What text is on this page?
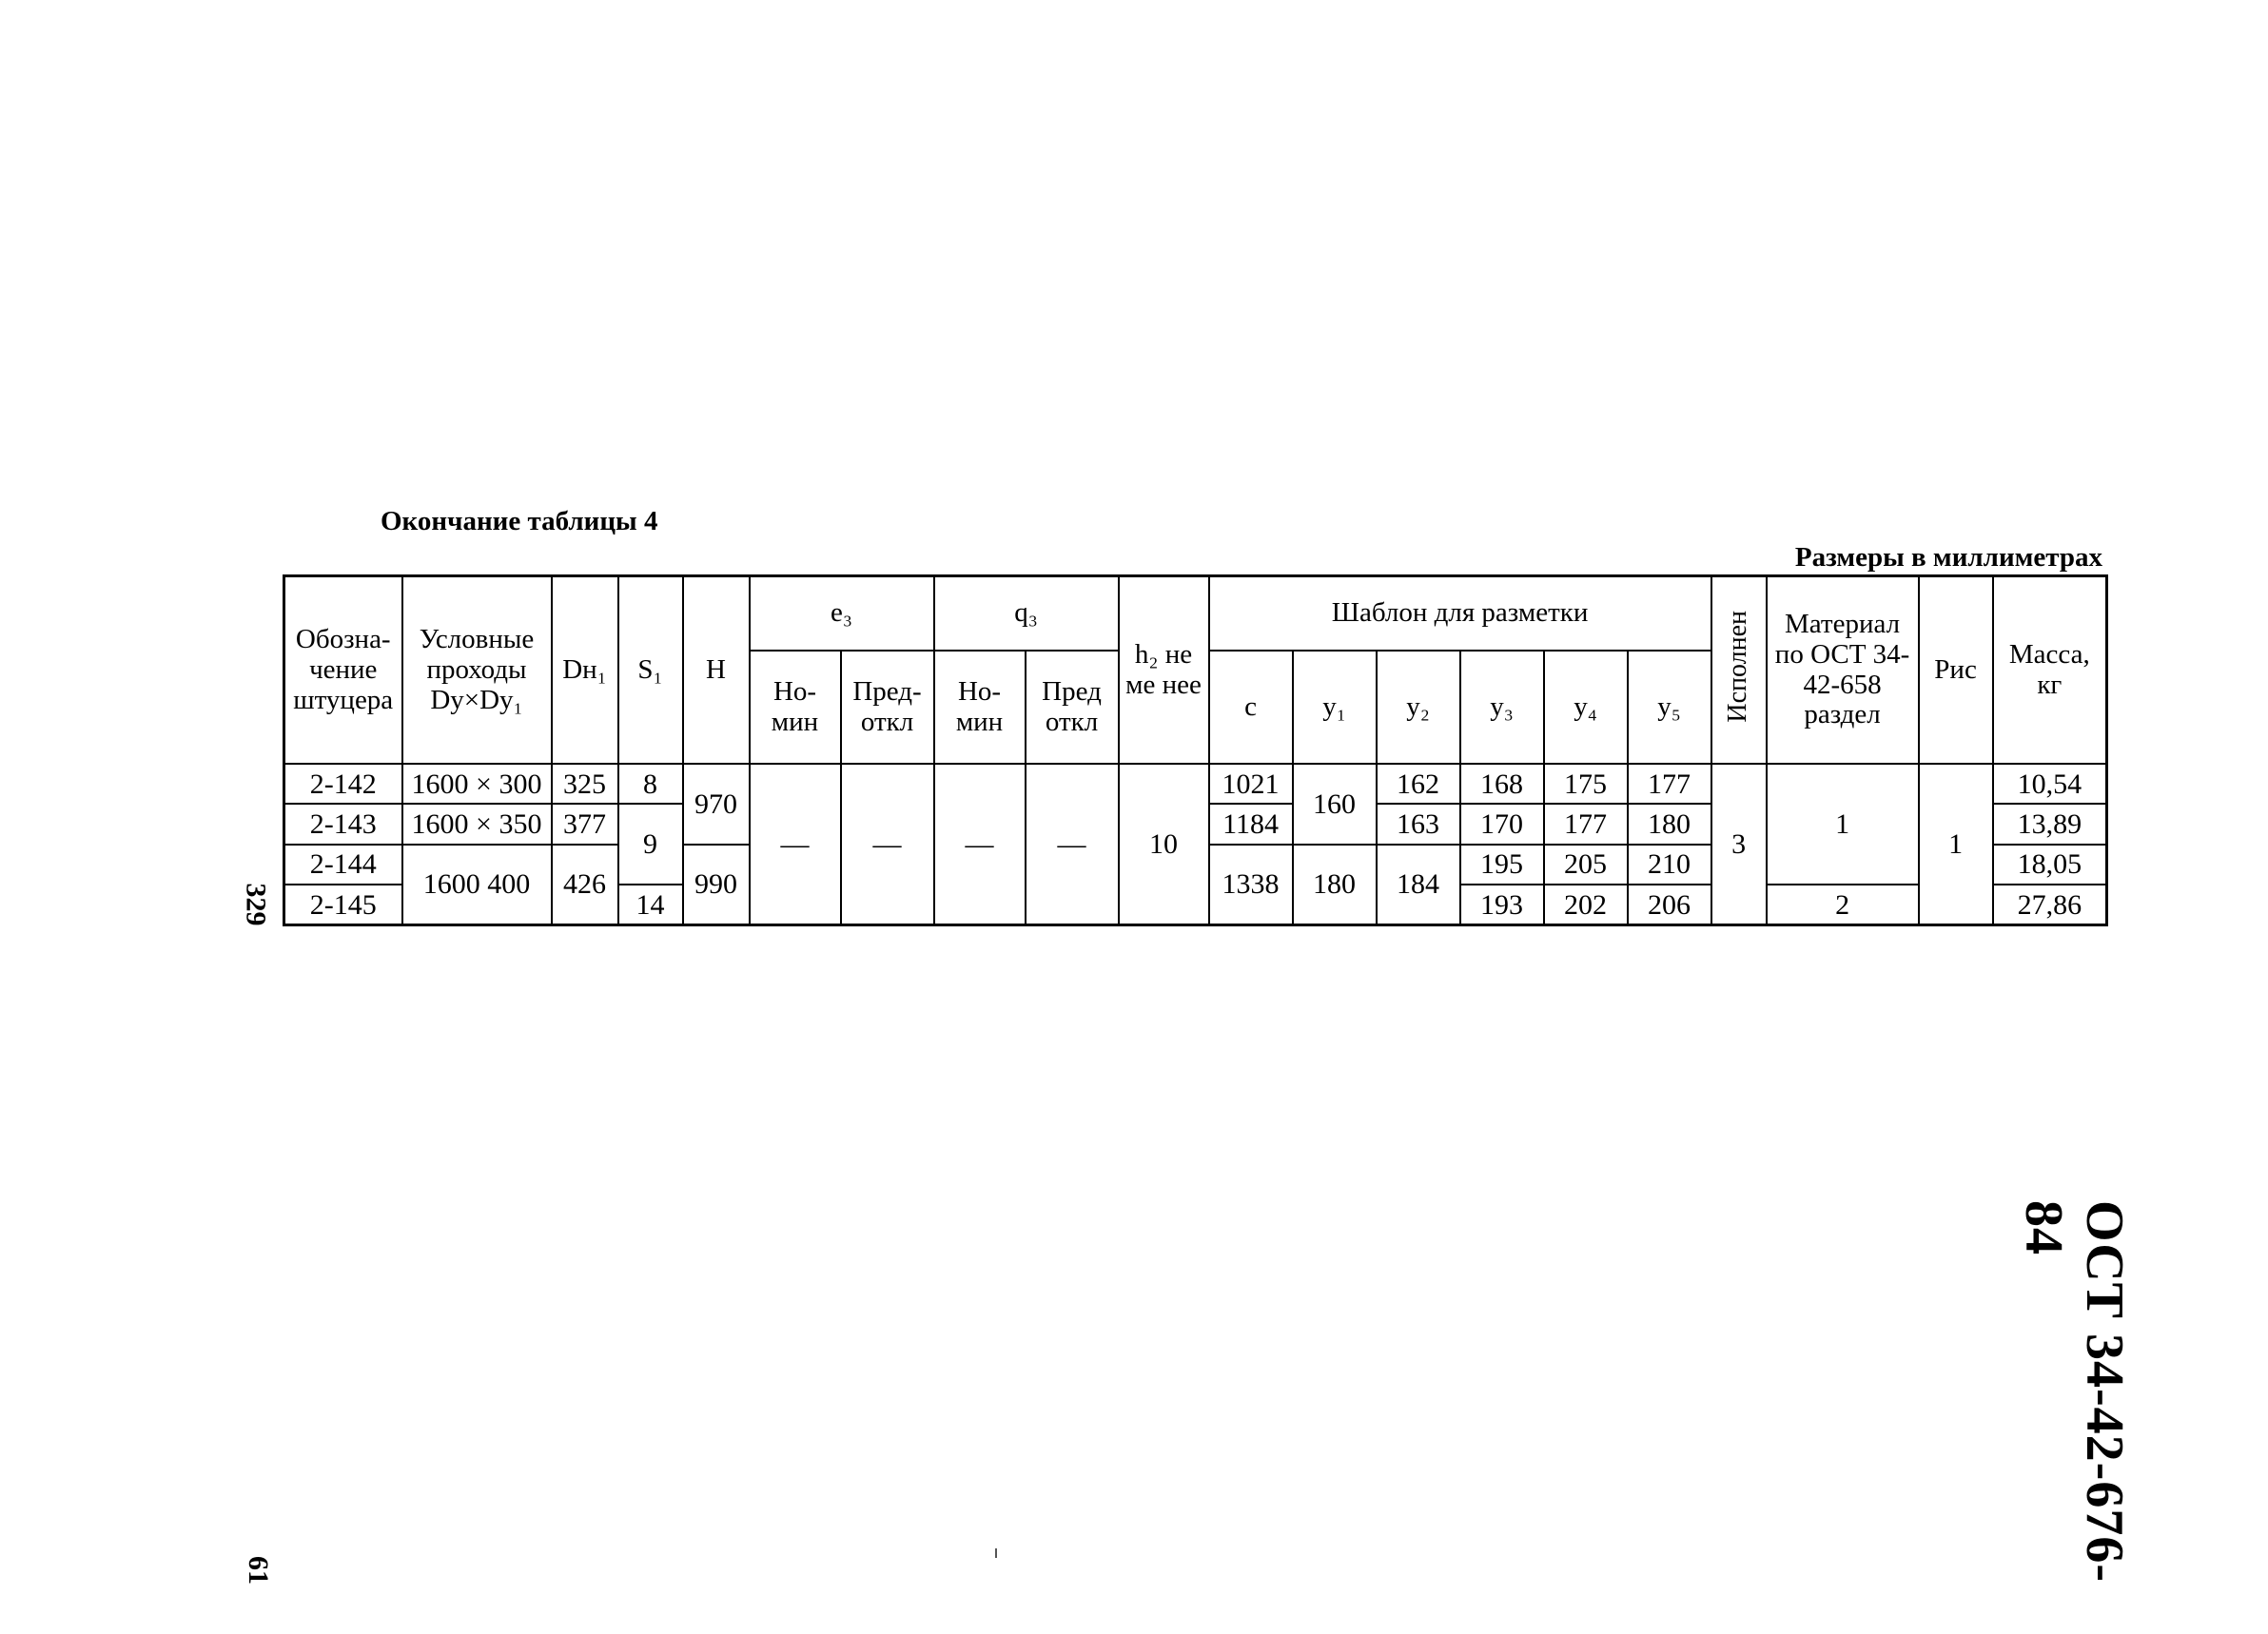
Окончание таблицы 4
Размеры в миллиметрах
Обозна-чение штуцера	Условные проходы Dy×Dy₁	Dн₁	S₁	H	e₃		q₃		h₂ не ме нее	Шаблон для разметки						Исполнен	Материал по ОСТ 34-42-658 раздел	Рис	Масса, кг
					Но-мин	Пред-откл	Но-мин	Пред откл		c	y₁	y₂	y₃	y₄	y₅				
2-142	1600 × 300	325	8	970	—	—	—	—	10	1021	160	162	168	175	177	3	1	1	10,54
2-143	1600 × 350	377	9							1184		163	170	177	180				13,89
2-144	1600 400	426		990						1338	180	184	195	205	210				18,05
2-145			14										193	202	206		2		27,86
329
61	ОСТ 34-42-676-84
